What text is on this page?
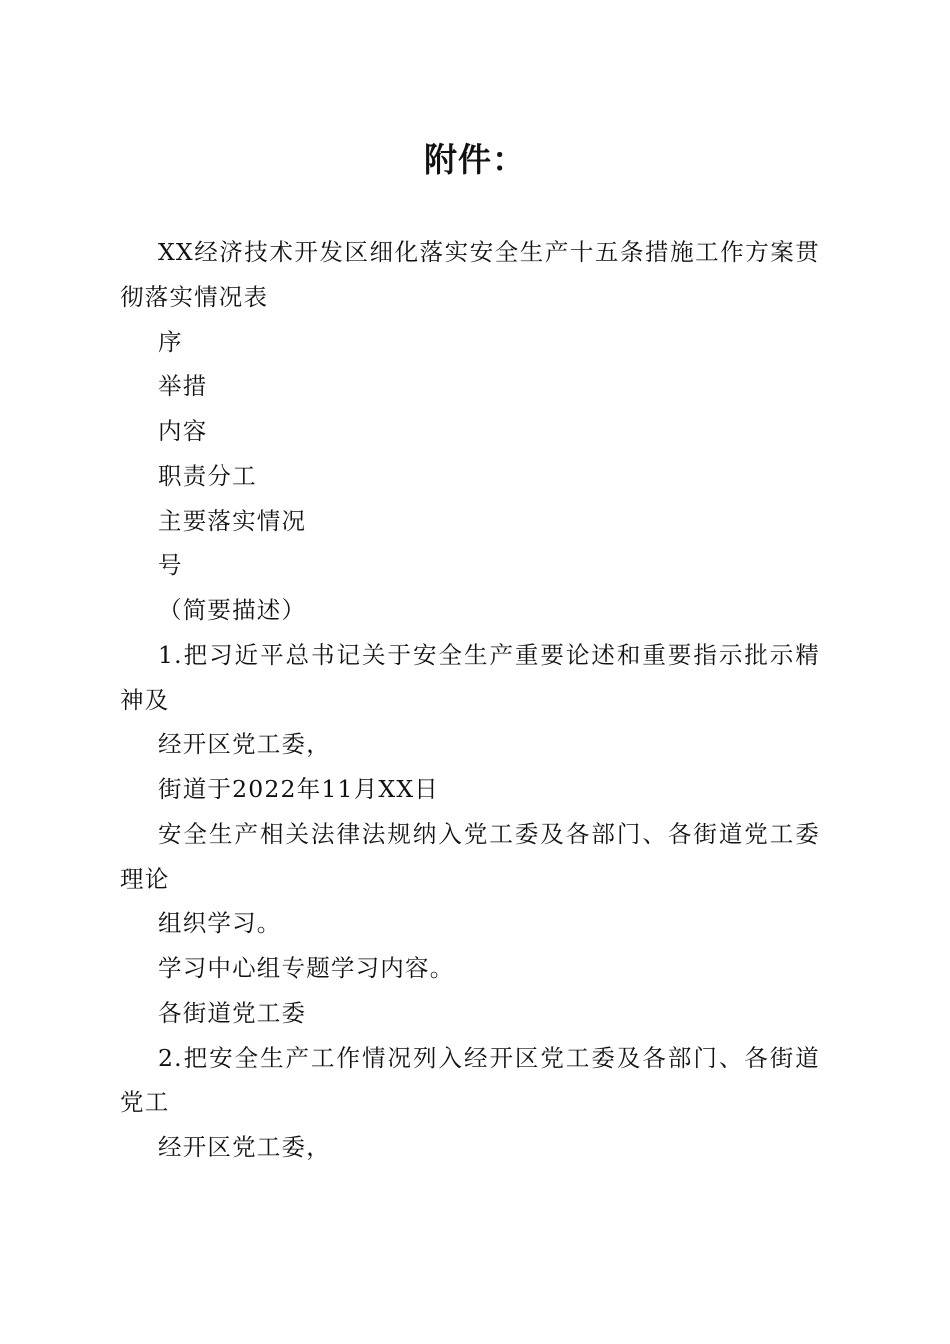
附件：

XX经济技术开发区细化落实安全生产十五条措施工作方案贯彻落实情况表

序

举措

内容

职责分工

主要落实情况

号

（简要描述）

1.把习近平总书记关于安全生产重要论述和重要指示批示精神及

经开区党工委，

街道于2022年11月XX日

安全生产相关法律法规纳入党工委及各部门、各街道党工委理论

组织学习。

学习中心组专题学习内容。

各街道党工委

2.把安全生产工作情况列入经开区党工委及各部门、各街道党工

经开区党工委，
